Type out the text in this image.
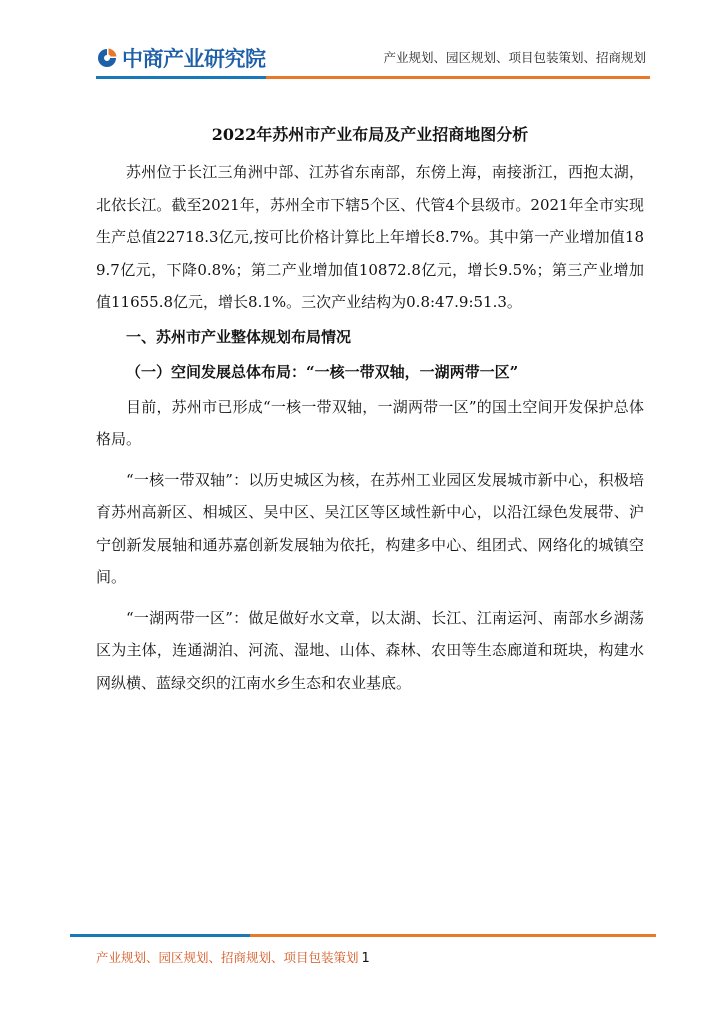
中商产业研究院	产业规划、园区规划、项目包装策划、招商规划
2022年苏州市产业布局及产业招商地图分析

苏州位于长江三角洲中部、江苏省东南部，东傍上海，南接浙江，西抱太湖，北依长江。截至2021年，苏州全市下辖5个区、代管4个县级市。2021年全市实现生产总值22718.3亿元,按可比价格计算比上年增长8.7%。其中第一产业增加值189.7亿元，下降0.8%；第二产业增加值10872.8亿元，增长9.5%；第三产业增加值11655.8亿元，增长8.1%。三次产业结构为0.8:47.9:51.3。

一、苏州市产业整体规划布局情况
（一）空间发展总体布局：“一核一带双轴，一湖两带一区”

目前，苏州市已形成“一核一带双轴，一湖两带一区”的国土空间开发保护总体格局。

“一核一带双轴”：以历史城区为核，在苏州工业园区发展城市新中心，积极培育苏州高新区、相城区、吴中区、吴江区等区域性新中心，以沿江绿色发展带、沪宁创新发展轴和通苏嘉创新发展轴为依托，构建多中心、组团式、网络化的城镇空间。

“一湖两带一区”：做足做好水文章，以太湖、长江、江南运河、南部水乡湖荡区为主体，连通湖泊、河流、湿地、山体、森林、农田等生态廊道和斑块，构建水网纵横、蓝绿交织的江南水乡生态和农业基底。

产业规划、园区规划、招商规划、项目包装策划 1
